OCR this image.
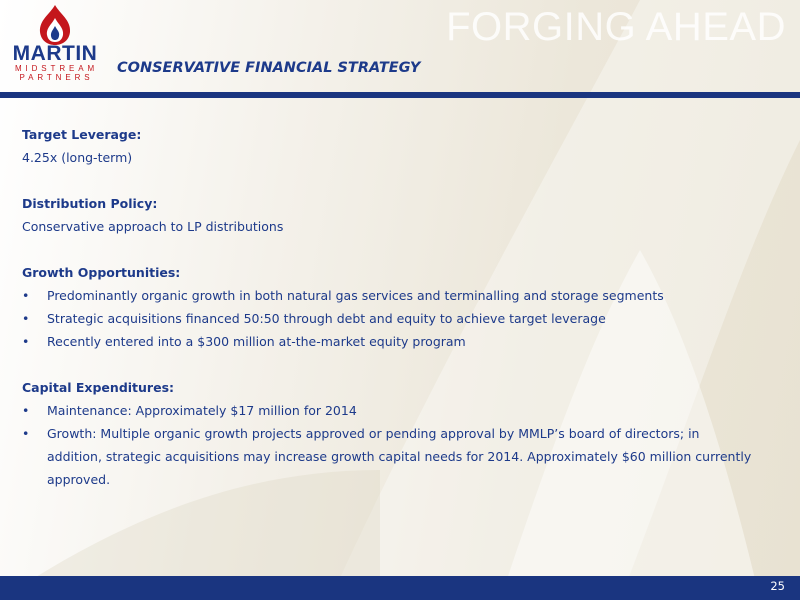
MARTIN
MIDSTREAM
PARTNERS
FORGING AHEAD
CONSERVATIVE FINANCIAL STRATEGY
Target Leverage:
4.25x (long-term)
Distribution Policy:
Conservative approach to LP distributions
Growth Opportunities:
• Predominantly organic growth in both natural gas services and terminalling and storage segments
• Strategic acquisitions financed 50:50 through debt and equity to achieve target leverage
• Recently entered into a $300 million at-the-market equity program
Capital Expenditures:
• Maintenance: Approximately $17 million for 2014
• Growth: Multiple organic growth projects approved or pending approval by MMLP’s board of directors; in addition, strategic acquisitions may increase growth capital needs for 2014. Approximately $60 million currently approved.
25
